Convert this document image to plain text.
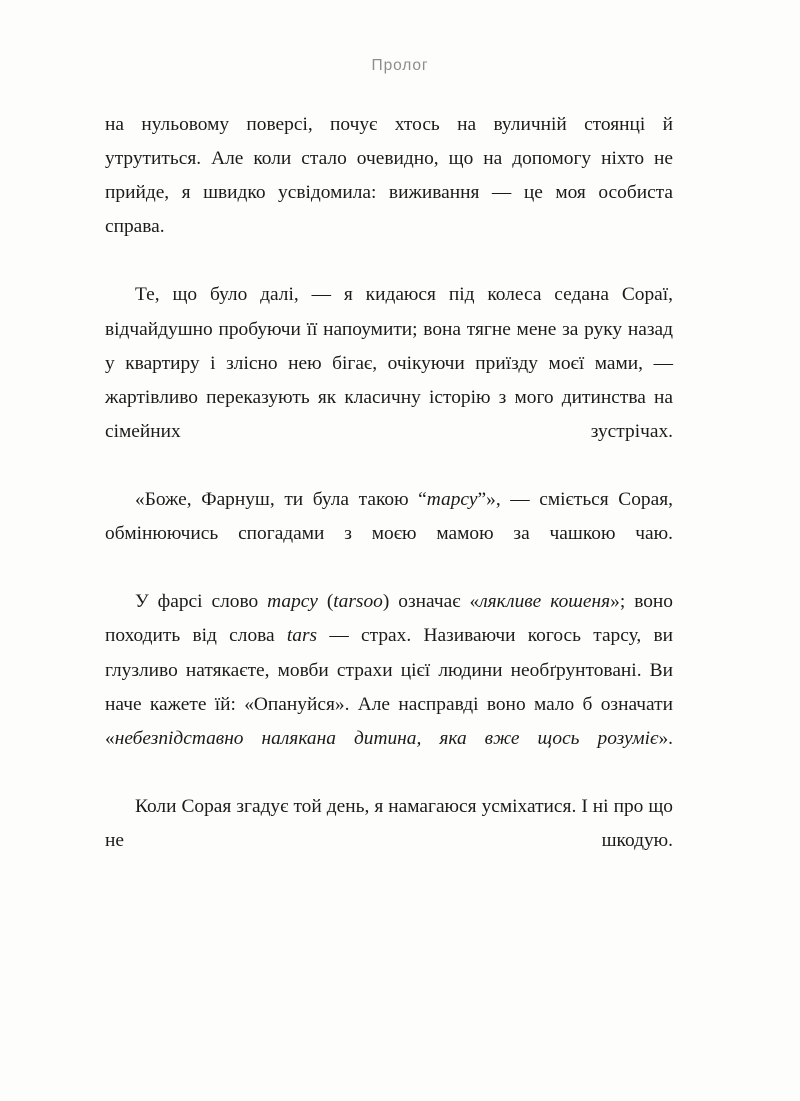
Пролог

на нульовому поверсі, почує хтось на вуличній стоянці й утрутиться. Але коли стало очевидно, що на допомогу ніхто не прийде, я швидко усвідомила: виживання — це моя особиста справа.

Те, що було далі, — я кидаюся під колеса седана Сораї, відчайдушно пробуючи її напоумити; вона тягне мене за руку назад у квартиру і злісно нею бігає, очікуючи приїзду моєї мами, — жартівливо переказують як класичну історію з мого дитинства на сімейних зустрічах.

«Боже, Фарнуш, ти була такою “тарсу”», — сміється Сорая, обмінюючись спогадами з моєю мамою за чашкою чаю.

У фарсі слово тарсу (tarsoo) означає «лякливе кошеня»; воно походить від слова tars — страх. Називаючи когось тарсу, ви глузливо натякаєте, мовби страхи цієї людини необґрунтовані. Ви наче кажете їй: «Опануйся». Але насправді воно мало б означати «небезпідставно налякана дитина, яка вже щось розуміє».

Коли Сорая згадує той день, я намагаюся усміхатися. І ні про що не шкодую.
